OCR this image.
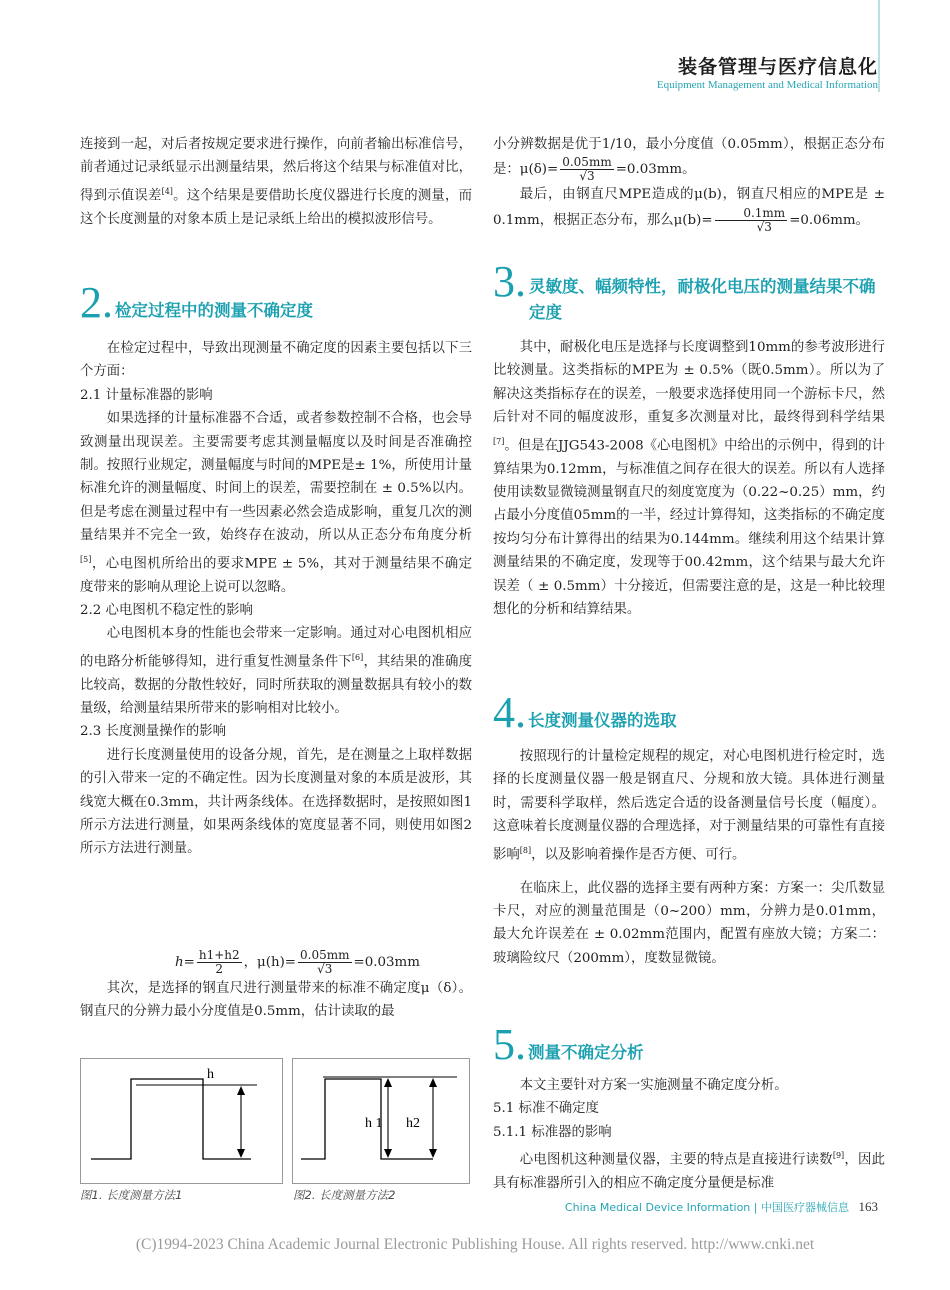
装备管理与医疗信息化
Equipment Management and Medical Information

连接到一起，对后者按规定要求进行操作，向前者输出标准信号，前者通过记录纸显示出测量结果，然后将这个结果与标准值对比，得到示值误差[4]。这个结果是要借助长度仪器进行长度的测量，而这个长度测量的对象本质上是记录纸上给出的模拟波形信号。

2 . 检定过程中的测量不确定度

在检定过程中，导致出现测量不确定度的因素主要包括以下三个方面：

2.1 计量标准器的影响

如果选择的计量标准器不合适，或者参数控制不合格，也会导致测量出现误差。主要需要考虑其测量幅度以及时间是否准确控制。按照行业规定，测量幅度与时间的MPE是± 1%，所使用计量标准允许的测量幅度、时间上的误差，需要控制在 ± 0.5%以内。但是考虑在测量过程中有一些因素必然会造成影响，重复几次的测量结果并不完全一致，始终存在波动，所以从正态分布角度分析[5]，心电图机所给出的要求MPE ± 5%，其对于测量结果不确定度带来的影响从理论上说可以忽略。

2.2 心电图机不稳定性的影响

心电图机本身的性能也会带来一定影响。通过对心电图机相应的电路分析能够得知，进行重复性测量条件下[6]，其结果的准确度比较高，数据的分散性较好，同时所获取的测量数据具有较小的数量级，给测量结果所带来的影响相对比较小。

2.3 长度测量操作的影响

进行长度测量使用的设备分规，首先，是在测量之上取样数据的引入带来一定的不确定性。因为长度测量对象的本质是波形，其线宽大概在0.3mm，共计两条线体。在选择数据时，是按照如图1所示方法进行测量，如果两条线体的宽度显著不同，则使用如图2所示方法进行测量。

$h= \frac{h1+h2}{2}$ ，$\mu(h)= \frac{0.05mm}{√3} =0.03mm$

其次，是选择的钢直尺进行测量带来的标准不确定度μ（δ）。钢直尺的分辨力最小分度值是0.5mm，估计读取的最

h
h 1 h2
图1. 长度测量方法1	图2. 长度测量方法2

小分辨数据是优于1/10，最小分度值（0.05mm），根据正态分布是：$\mu(\delta)= \frac{0.05mm}{√3} =0.03mm$。

最后，由钢直尺MPE造成的μ(b)，钢直尺相应的MPE是 ± 0.1mm，根据正态分布，那么$\mu(b)= \frac{0.1mm}{√3} =0.06mm$。

3 . 灵敏度、幅频特性，耐极化电压的测量结果不确定度

其中，耐极化电压是选择与长度调整到10mm的参考波形进行比较测量。这类指标的MPE为 ± 0.5%（既0.5mm）。所以为了解决这类指标存在的误差，一般要求选择使用同一个游标卡尺，然后针对不同的幅度波形，重复多次测量对比，最终得到科学结果[7]。但是在JJG543-2008《心电图机》中给出的示例中，得到的计算结果为0.12mm，与标准值之间存在很大的误差。所以有人选择使用读数显微镜测量钢直尺的刻度宽度为（0.22~0.25）mm，约占最小分度值05mm的一半，经过计算得知，这类指标的不确定度按均匀分布计算得出的结果为0.144mm。继续利用这个结果计算测量结果的不确定度，发现等于00.42mm，这个结果与最大允许误差（ ± 0.5mm）十分接近，但需要注意的是，这是一种比较理想化的分析和结算结果。

4 . 长度测量仪器的选取

按照现行的计量检定规程的规定，对心电图机进行检定时，选择的长度测量仪器一般是钢直尺、分规和放大镜。具体进行测量时，需要科学取样，然后选定合适的设备测量信号长度（幅度）。这意味着长度测量仪器的合理选择，对于测量结果的可靠性有直接影响[8]，以及影响着操作是否方便、可行。

在临床上，此仪器的选择主要有两种方案：方案一：尖爪数显卡尺，对应的测量范围是（0~200）mm，分辨力是0.01mm，最大允许误差在 ± 0.02mm范围内，配置有座放大镜；方案二：玻璃险纹尺（200mm），度数显微镜。

5 . 测量不确定分析

本文主要针对方案一实施测量不确定度分析。

5.1 标准不确定度

5.1.1 标准器的影响

心电图机这种测量仪器，主要的特点是直接进行读数[9]，因此具有标准器所引入的相应不确定度分量便是标准

China Medical Device Information | 中国医疗器械信息 163
(C)1994-2023 China Academic Journal Electronic Publishing House. All rights reserved. http://www.cnki.net
